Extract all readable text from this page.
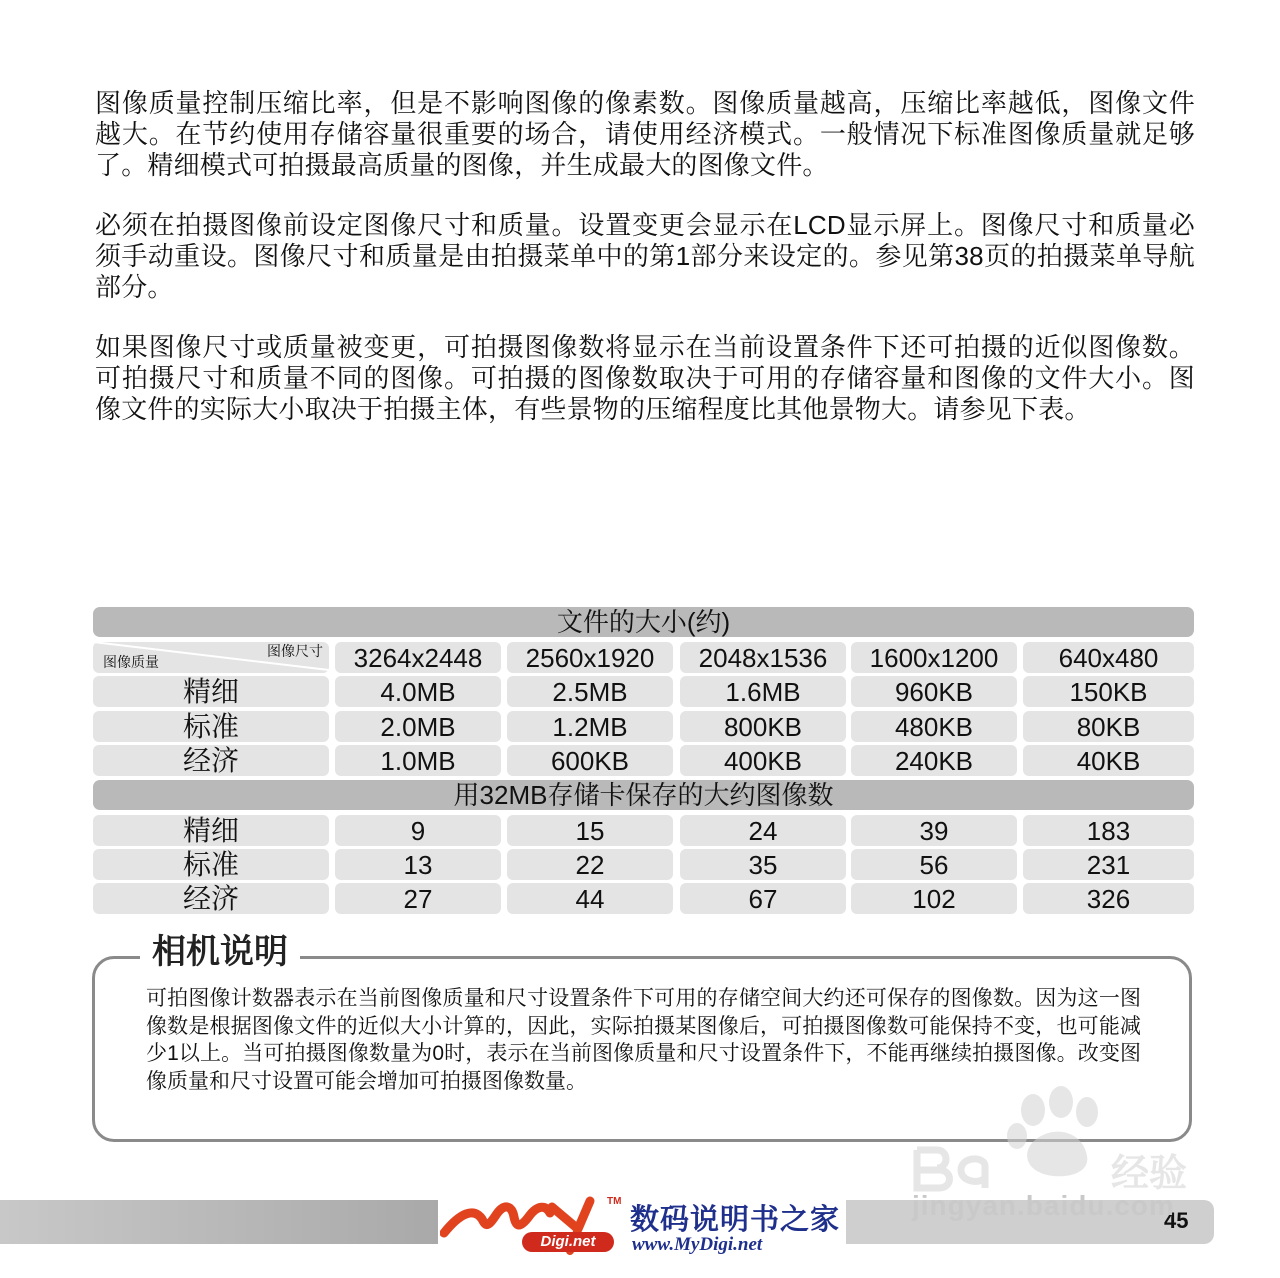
图像质量控制压缩比率，但是不影响图像的像素数。图像质量越高，压缩比率越低，图像文件越大。在节约使用存储容量很重要的场合，请使用经济模式。一般情况下标准图像质量就足够了。精细模式可拍摄最高质量的图像，并生成最大的图像文件。

必须在拍摄图像前设定图像尺寸和质量。设置变更会显示在LCD显示屏上。图像尺寸和质量必须手动重设。图像尺寸和质量是由拍摄菜单中的第1部分来设定的。参见第38页的拍摄菜单导航部分。

如果图像尺寸或质量被变更，可拍摄图像数将显示在当前设置条件下还可拍摄的近似图像数。可拍摄尺寸和质量不同的图像。可拍摄的图像数取决于可用的存储容量和图像的文件大小。图像文件的实际大小取决于拍摄主体，有些景物的压缩程度比其他景物大。请参见下表。

文件的大小(约)
图像尺寸
图像质量	3264x2448	2560x1920	2048x1536	1600x1200	640x480
精细	4.0MB	2.5MB	1.6MB	960KB	150KB
标准	2.0MB	1.2MB	800KB	480KB	80KB
经济	1.0MB	600KB	400KB	240KB	40KB
用32MB存储卡保存的大约图像数
精细	9	15	24	39	183
标准	13	22	35	56	231
经济	27	44	67	102	326
相机说明

可拍图像计数器表示在当前图像质量和尺寸设置条件下可用的存储空间大约还可保存的图像数。因为这一图像数是根据图像文件的近似大小计算的，因此，实际拍摄某图像后，可拍摄图像数可能保持不变，也可能减少1以上。当可拍摄图像数量为0时，表示在当前图像质量和尺寸设置条件下，不能再继续拍摄图像。改变图像质量和尺寸设置可能会增加可拍摄图像数量。

45
TM
Digi.net
数码说明书之家
www.MyDigi.net
经验
jingyan.baidu.com
